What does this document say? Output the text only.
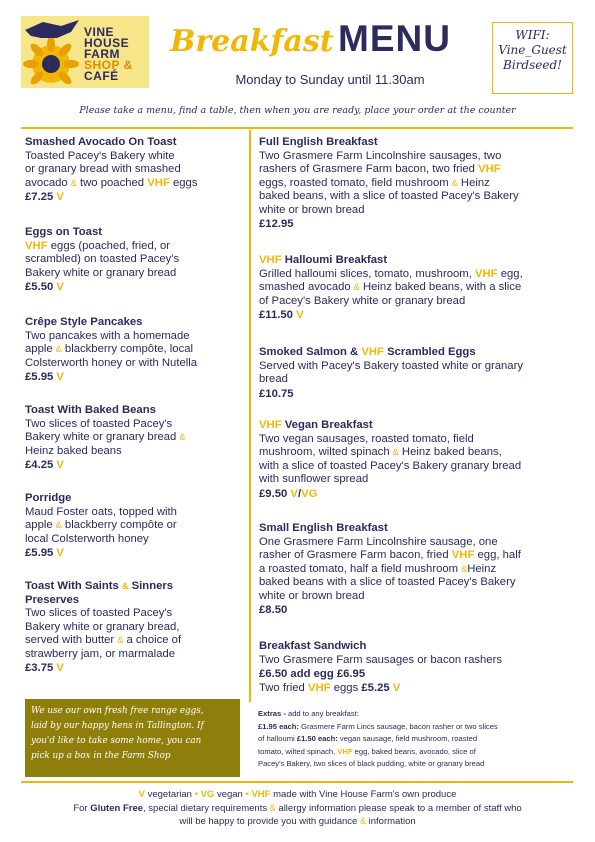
VINE
HOUSE
FARM
SHOP &
CAFÉ
Breakfast MENU
Monday to Sunday until 11.30am
WIFI:
Vine_Guest
Birdseed!
Please take a menu, find a table, then when you are ready, place your order at the counter
Smashed Avocado On Toast
Toasted Pacey's Bakery white
or granary bread with smashed
avocado & two poached VHF eggs
£7.25 V
Eggs on Toast
VHF eggs (poached, fried, or
scrambled) on toasted Pacey's
Bakery white or granary bread
£5.50 V
Crêpe Style Pancakes
Two pancakes with a homemade
apple & blackberry compôte, local
Colsterworth honey or with Nutella
£5.95 V
Toast With Baked Beans
Two slices of toasted Pacey's
Bakery white or granary bread &
Heinz baked beans
£4.25 V
Porridge
Maud Foster oats, topped with
apple & blackberry compôte or
local Colsterworth honey
£5.95 V
Toast With Saints & Sinners
Preserves
Two slices of toasted Pacey's
Bakery white or granary bread,
served with butter & a choice of
strawberry jam, or marmalade
£3.75 V
Full English Breakfast
Two Grasmere Farm Lincolnshire sausages, two
rashers of Grasmere Farm bacon, two fried VHF
eggs, roasted tomato, field mushroom & Heinz
baked beans, with a slice of toasted Pacey's Bakery
white or brown bread
£12.95
VHF Halloumi Breakfast
Grilled halloumi slices, tomato, mushroom, VHF egg,
smashed avocado & Heinz baked beans, with a slice
of Pacey's Bakery white or granary bread
£11.50 V
Smoked Salmon & VHF Scrambled Eggs
Served with Pacey's Bakery toasted white or granary
bread
£10.75
VHF Vegan Breakfast
Two vegan sausages, roasted tomato, field
mushroom, wilted spinach & Heinz baked beans,
with a slice of toasted Pacey's Bakery granary bread
with sunflower spread
£9.50 V/VG
Small English Breakfast
One Grasmere Farm Lincolnshire sausage, one
rasher of Grasmere Farm bacon, fried VHF egg, half
a roasted tomato, half a field mushroom &Heinz
baked beans with a slice of toasted Pacey's Bakery
white or brown bread
£8.50
Breakfast Sandwich
Two Grasmere Farm sausages or bacon rashers
£6.50 add egg £6.95
Two fried VHF eggs £5.25 V
We use our own fresh free range eggs,
laid by our happy hens in Tallington. If
you'd like to take some home, you can
pick up a box in the Farm Shop
Extras - add to any breakfast:
£1.95 each: Grasmere Farm Lincs sausage, bacon rasher or two slices
of halloumi £1.50 each: vegan sausage, field mushroom, roasted
tomato, wilted spinach, VHF egg, baked beans, avocado, slice of
Pacey's Bakery, two slices of black pudding, white or granary bread
V vegetarian • VG vegan • VHF made with Vine House Farm's own produce
For Gluten Free, special dietary requirements & allergy information please speak to a member of staff who
will be happy to provide you with guidance & information
